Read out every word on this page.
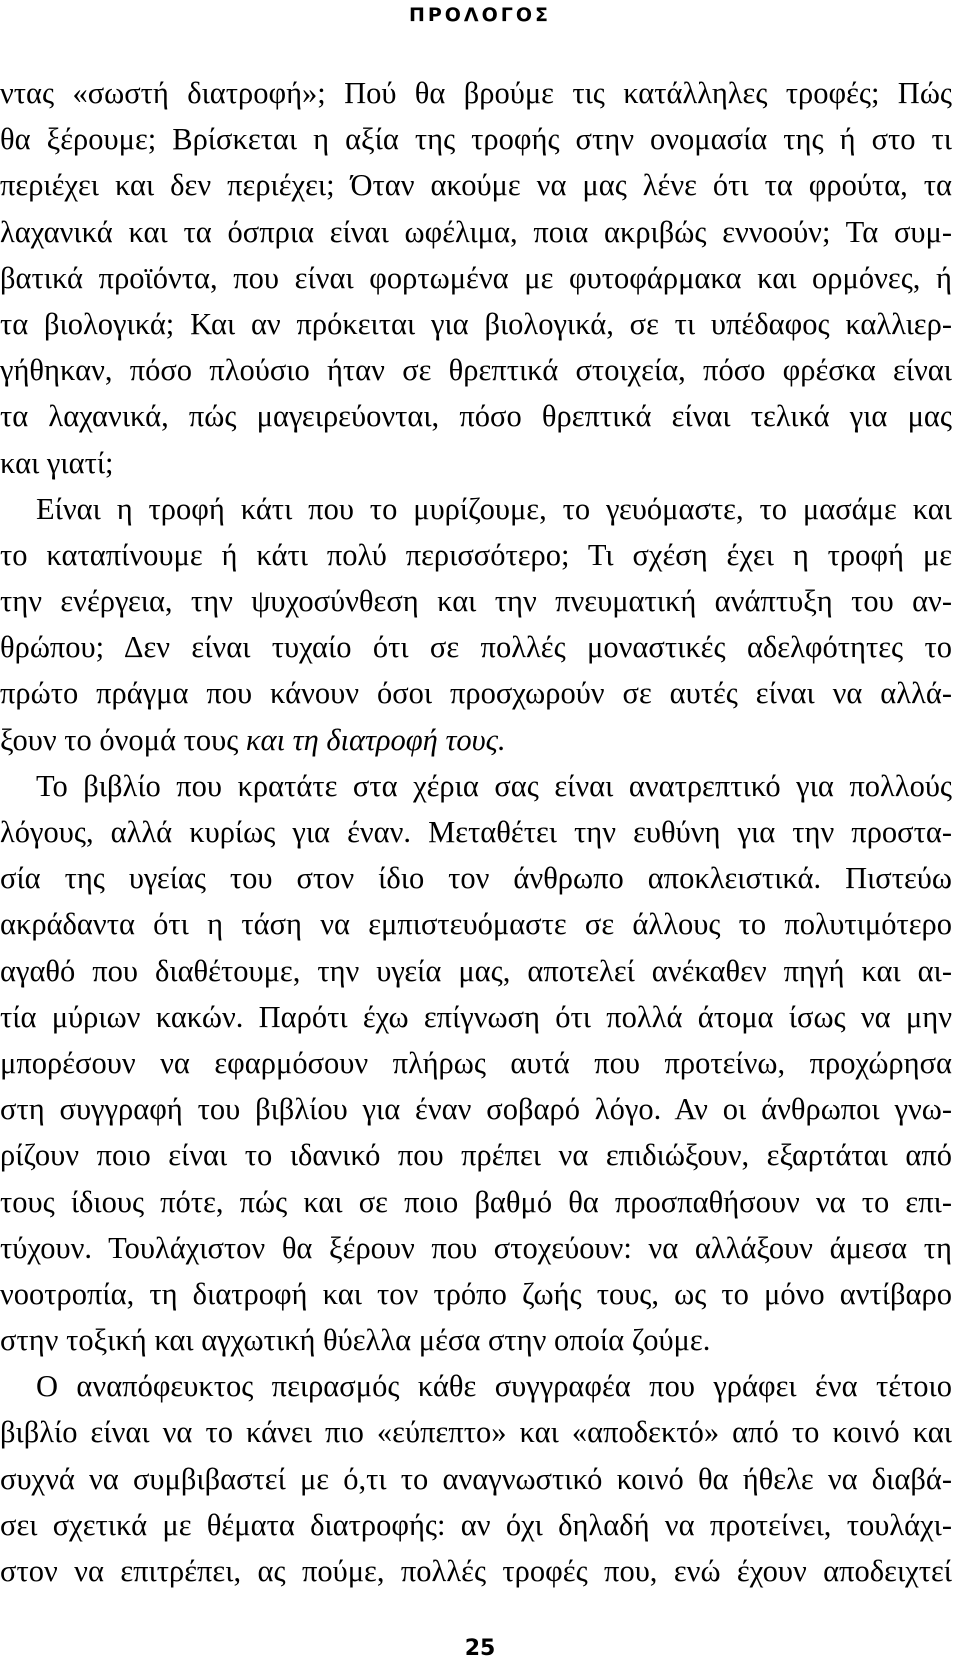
ΠΡΟΛΟΓΟΣ
ντας «σωστή διατροφή»; Πού θα βρούμε τις κατάλληλες τροφές; Πώς
θα ξέρουμε; Βρίσκεται η αξία της τροφής στην ονομασία της ή στο τι
περιέχει και δεν περιέχει; Όταν ακούμε να μας λένε ότι τα φρούτα, τα
λαχανικά και τα όσπρια είναι ωφέλιμα, ποια ακριβώς εννοούν; Τα συμ-
βατικά προϊόντα, που είναι φορτωμένα με φυτοφάρμακα και ορμόνες, ή
τα βιολογικά; Και αν πρόκειται για βιολογικά, σε τι υπέδαφος καλλιερ-
γήθηκαν, πόσο πλούσιο ήταν σε θρεπτικά στοιχεία, πόσο φρέσκα είναι
τα λαχανικά, πώς μαγειρεύονται, πόσο θρεπτικά είναι τελικά για μας
και γιατί;
Είναι η τροφή κάτι που το μυρίζουμε, το γευόμαστε, το μασάμε και
το καταπίνουμε ή κάτι πολύ περισσότερο; Τι σχέση έχει η τροφή με
την ενέργεια, την ψυχοσύνθεση και την πνευματική ανάπτυξη του αν-
θρώπου; Δεν είναι τυχαίο ότι σε πολλές μοναστικές αδελφότητες το
πρώτο πράγμα που κάνουν όσοι προσχωρούν σε αυτές είναι να αλλά-
ξουν το όνομά τους και τη διατροφή τους.
Το βιβλίο που κρατάτε στα χέρια σας είναι ανατρεπτικό για πολλούς
λόγους, αλλά κυρίως για έναν. Μεταθέτει την ευθύνη για την προστα-
σία της υγείας του στον ίδιο τον άνθρωπο αποκλειστικά. Πιστεύω
ακράδαντα ότι η τάση να εμπιστευόμαστε σε άλλους το πολυτιμότερο
αγαθό που διαθέτουμε, την υγεία μας, αποτελεί ανέκαθεν πηγή και αι-
τία μύριων κακών. Παρότι έχω επίγνωση ότι πολλά άτομα ίσως να μην
μπορέσουν να εφαρμόσουν πλήρως αυτά που προτείνω, προχώρησα
στη συγγραφή του βιβλίου για έναν σοβαρό λόγο. Αν οι άνθρωποι γνω-
ρίζουν ποιο είναι το ιδανικό που πρέπει να επιδιώξουν, εξαρτάται από
τους ίδιους πότε, πώς και σε ποιο βαθμό θα προσπαθήσουν να το επι-
τύχουν. Τουλάχιστον θα ξέρουν που στοχεύουν: να αλλάξουν άμεσα τη
νοοτροπία, τη διατροφή και τον τρόπο ζωής τους, ως το μόνο αντίβαρο
στην τοξική και αγχωτική θύελλα μέσα στην οποία ζούμε.
Ο αναπόφευκτος πειρασμός κάθε συγγραφέα που γράφει ένα τέτοιο
βιβλίο είναι να το κάνει πιο «εύπεπτο» και «αποδεκτό» από το κοινό και
συχνά να συμβιβαστεί με ό,τι το αναγνωστικό κοινό θα ήθελε να διαβά-
σει σχετικά με θέματα διατροφής: αν όχι δηλαδή να προτείνει, τουλάχι-
στον να επιτρέπει, ας πούμε, πολλές τροφές που, ενώ έχουν αποδειχτεί
25
